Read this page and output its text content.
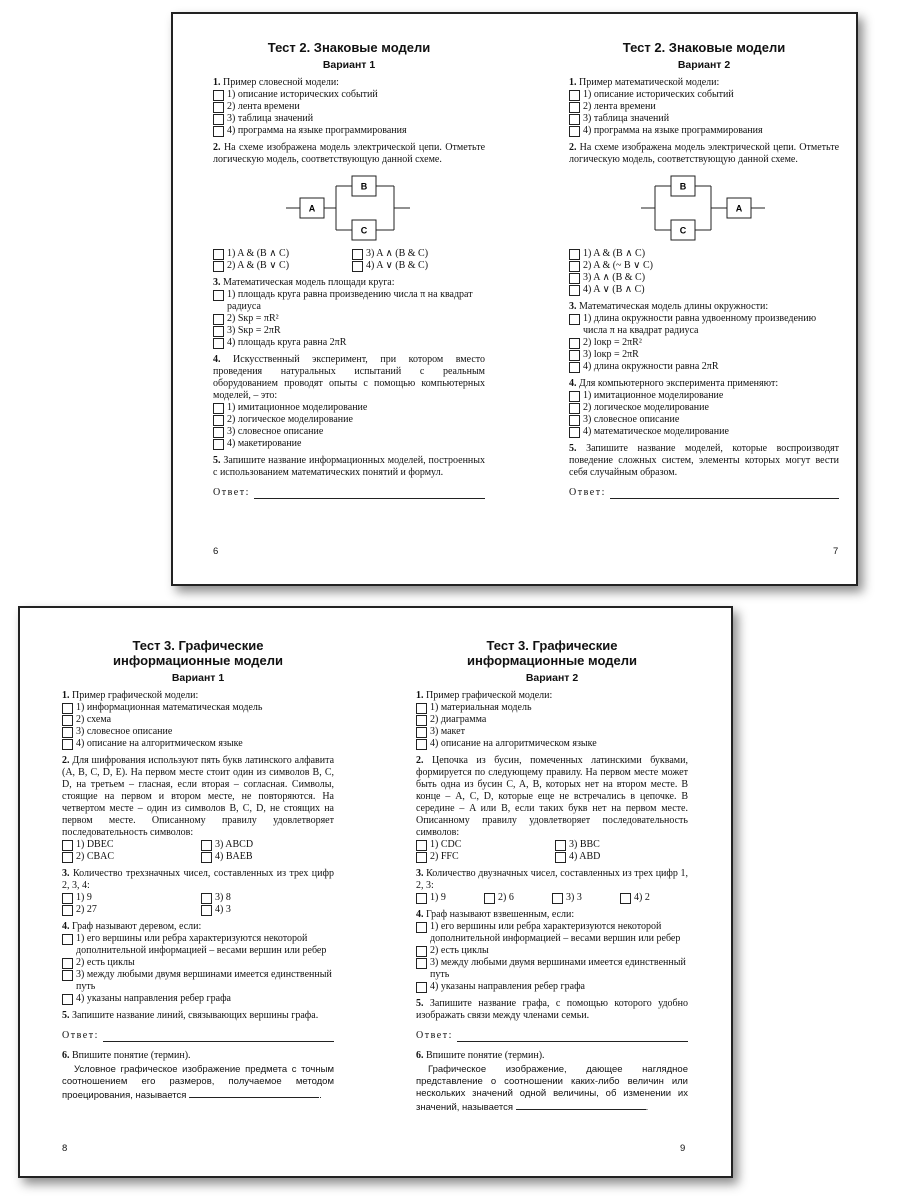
Тест 2. Знаковые модели
Вариант 1
1. Пример словесной модели:
1) описание исторических событий
2) лента времени
3) таблица значений
4) программа на языке программирования
2. На схеме изображена модель электрической цепи. Отметьте логическую модель, соответствующую данной схеме.
A
B
C
1) A & (B ∧ C)	3) A ∧ (B & C)
2) A & (B ∨ C)	4) A ∨ (B & C)
3. Математическая модель площади круга:
1) площадь круга равна произведению числа π на квадрат радиуса
2) Sкр = πR²
3) Sкр = 2πR
4) площадь круга равна 2πR
4. Искусственный эксперимент, при котором вместо проведения натуральных испытаний с реальным оборудованием проводят опыты с помощью компьютерных моделей, – это:
1) имитационное моделирование
2) логическое моделирование
3) словесное описание
4) макетирование
5. Запишите название информационных моделей, построенных с использованием математических понятий и формул.
Ответ:
6
Тест 2. Знаковые модели
Вариант 2
1. Пример математической модели:
1) описание исторических событий
2) лента времени
3) таблица значений
4) программа на языке программирования
2. На схеме изображена модель электрической цепи. Отметьте логическую модель, соответствующую данной схеме.
B
C
A
1) A & (B ∧ C)
2) A & (~ B ∨ C)
3) A ∧ (B & C)
4) A ∨ (B ∧ C)
3. Математическая модель длины окружности:
1) длина окружности равна удвоенному произведению числа π на квадрат радиуса
2) lокр = 2πR²
3) lокр = 2πR
4) длина окружности равна 2πR
4. Для компьютерного эксперимента применяют:
1) имитационное моделирование
2) логическое моделирование
3) словесное описание
4) математическое моделирование
5. Запишите название моделей, которые воспроизводят поведение сложных систем, элементы которых могут вести себя случайным образом.
Ответ:
7
Тест 3. Графические
информационные модели
Вариант 1
1. Пример графической модели:
1) информационная математическая модель
2) схема
3) словесное описание
4) описание на алгоритмическом языке
2. Для шифрования используют пять букв латинского алфавита (A, B, C, D, E). На первом месте стоит один из символов B, C, D, на третьем – гласная, если вторая – согласная. Символы, стоящие на первом и втором месте, не повторяются. На четвертом месте – один из символов B, C, D, не стоящих на первом месте. Описанному правилу удовлетворяет последовательность символов:
1) DBEC	3) ABCD
2) CBAC	4) BAEB
3. Количество трехзначных чисел, составленных из трех цифр 2, 3, 4:
1) 9	3) 8
2) 27	4) 3
4. Граф называют деревом, если:
1) его вершины или ребра характеризуются некоторой дополнительной информацией – весами вершин или ребер
2) есть циклы
3) между любыми двумя вершинами имеется единственный путь
4) указаны направления ребер графа
5. Запишите название линий, связывающих вершины графа.
Ответ:
6. Впишите понятие (термин).
Условное графическое изображение предмета с точным соотношением его размеров, получаемое методом проецирования, называется	.
8
Тест 3. Графические
информационные модели
Вариант 2
1. Пример графической модели:
1) материальная модель
2) диаграмма
3) макет
4) описание на алгоритмическом языке
2. Цепочка из бусин, помеченных латинскими буквами, формируется по следующему правилу. На первом месте может быть одна из бусин C, A, B, которых нет на втором месте. В конце – A, C, D, которые еще не встречались в цепочке. В середине – A или B, если таких букв нет на первом месте. Описанному правилу удовлетворяет последовательность символов:
1) CDC	3) BBC
2) FFC	4) ABD
3. Количество двузначных чисел, составленных из трех цифр 1, 2, 3:
1) 9	2) 6	3) 3	4) 2
4. Граф называют взвешенным, если:
1) его вершины или ребра характеризуются некоторой дополнительной информацией – весами вершин или ребер
2) есть циклы
3) между любыми двумя вершинами имеется единственный путь
4) указаны направления ребер графа
5. Запишите название графа, с помощью которого удобно изображать связи между членами семьи.
Ответ:
6. Впишите понятие (термин).
Графическое изображение, дающее наглядное представление о соотношении каких-либо величин или нескольких значений одной величины, об изменении их значений, называется	.
9
